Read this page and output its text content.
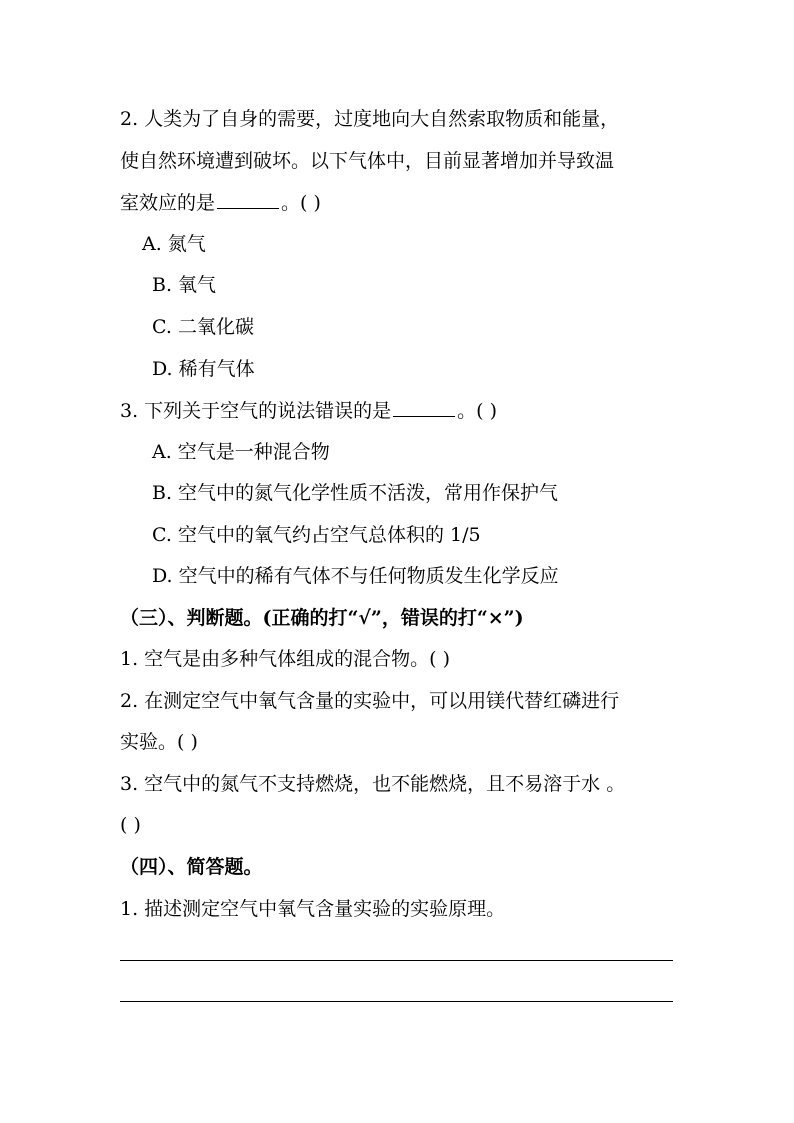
2. 人类为了自身的需要，过度地向大自然索取物质和能量，
使自然环境遭到破坏。以下气体中，目前显著增加并导致温
室效应的是	。( )
A. 氮气
B. 氧气
C. 二氧化碳
D. 稀有气体
3. 下列关于空气的说法错误的是	。( )
A. 空气是一种混合物
B. 空气中的氮气化学性质不活泼，常用作保护气
C. 空气中的氧气约占空气总体积的 1/5
D. 空气中的稀有气体不与任何物质发生化学反应
（三）、判断题。(正确的打“√”，错误的打“×”)
1. 空气是由多种气体组成的混合物。( )
2. 在测定空气中氧气含量的实验中，可以用镁代替红磷进行
实验。( )
3. 空气中的氮气不支持燃烧，也不能燃烧，且不易溶于水 。
( )
（四）、简答题。
1. 描述测定空气中氧气含量实验的实验原理。
